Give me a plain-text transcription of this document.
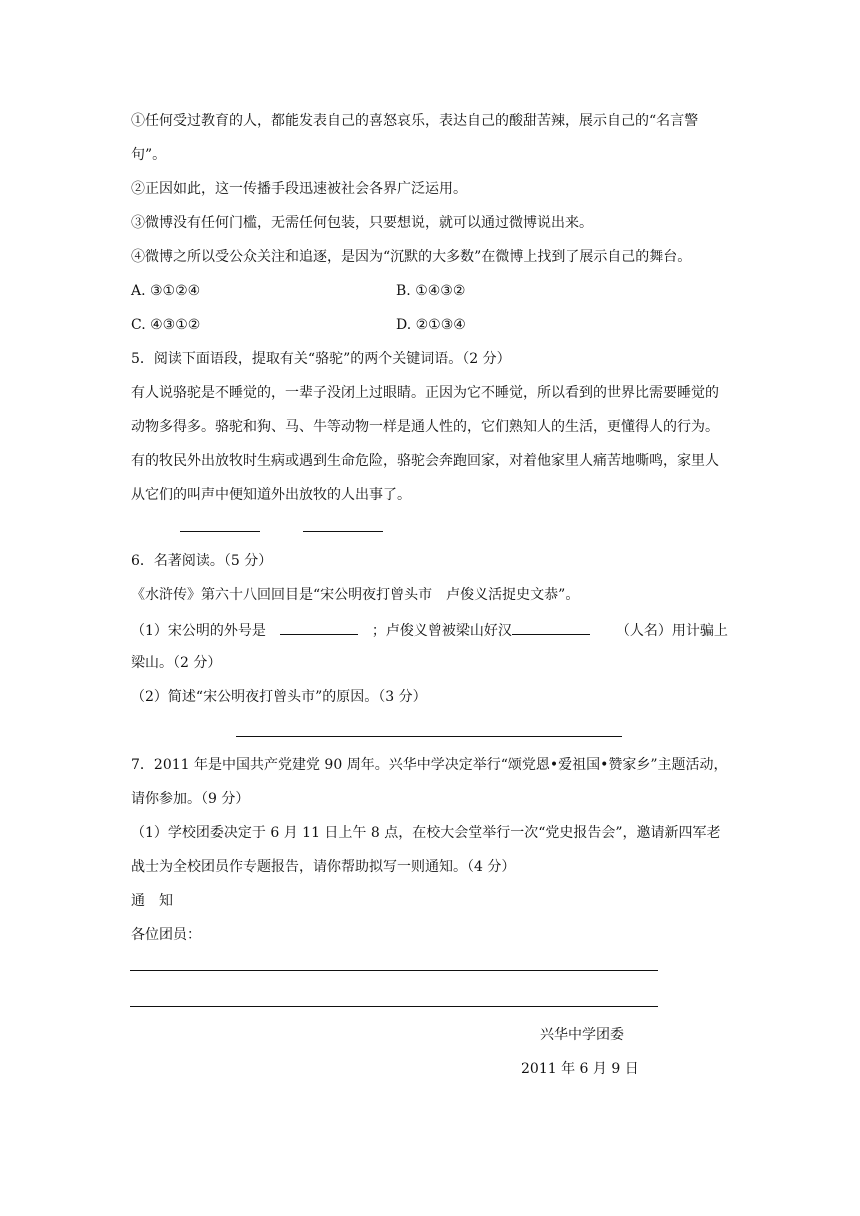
①任何受过教育的人，都能发表自己的喜怒哀乐，表达自己的酸甜苦辣，展示自己的“名言警
句”。
②正因如此，这一传播手段迅速被社会各界广泛运用。
③微博没有任何门槛，无需任何包装，只要想说，就可以通过微博说出来。
④微博之所以受公众关注和追逐，是因为“沉默的大多数”在微博上找到了展示自己的舞台。
A. ③①②④	B. ①④③②
C. ④③①②	D. ②①③④
5．阅读下面语段，提取有关“骆驼”的两个关键词语。（2 分）
有人说骆驼是不睡觉的，一辈子没闭上过眼睛。正因为它不睡觉，所以看到的世界比需要睡觉的
动物多得多。骆驼和狗、马、牛等动物一样是通人性的，它们熟知人的生活，更懂得人的行为。
有的牧民外出放牧时生病或遇到生命危险，骆驼会奔跑回家，对着他家里人痛苦地嘶鸣，家里人
从它们的叫声中便知道外出放牧的人出事了。
6．名著阅读。（5 分）
《水浒传》第六十八回回目是“宋公明夜打曾头市　卢俊义活捉史文恭”。
（1）宋公明的外号是	；卢俊义曾被梁山好汉	（人名）用计骗上
梁山。（2 分）
（2）简述“宋公明夜打曾头市”的原因。（3 分）
7．2011 年是中国共产党建党 90 周年。兴华中学决定举行“颂党恩•爱祖国•赞家乡”主题活动，
请你参加。（9 分）
（1）学校团委决定于 6 月 11 日上午 8 点，在校大会堂举行一次“党史报告会”，邀请新四军老
战士为全校团员作专题报告，请你帮助拟写一则通知。（4 分）
通　知
各位团员：
兴华中学团委
2011 年 6 月 9 日
